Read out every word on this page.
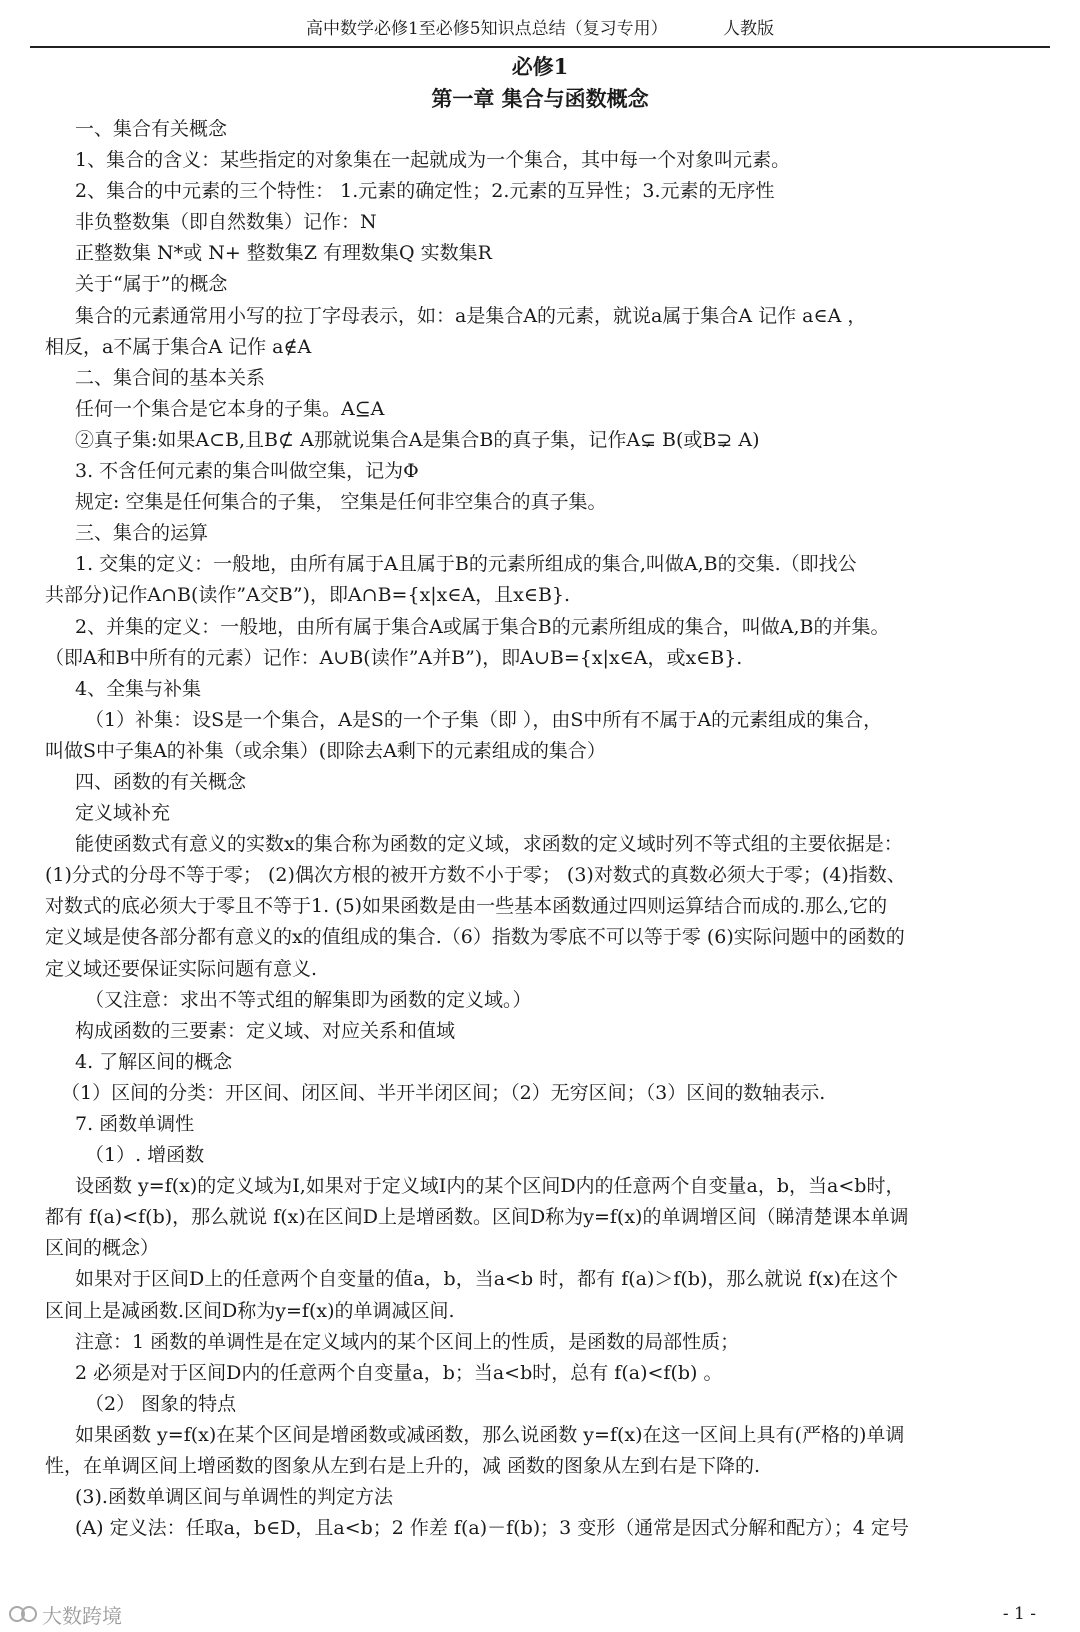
高中数学必修1至必修5知识点总结（复习专用）	人教版
必修1
第一章 集合与函数概念

一、集合有关概念

1、集合的含义：某些指定的对象集在一起就成为一个集合，其中每一个对象叫元素。

2、集合的中元素的三个特性： 1.元素的确定性；2.元素的互异性；3.元素的无序性

非负整数集（即自然数集）记作：N

正整数集 N*或 N+ 整数集Z 有理数集Q 实数集R

关于“属于”的概念

集合的元素通常用小写的拉丁字母表示，如：a是集合A的元素，就说a属于集合A 记作 a∈A ，

相反，a不属于集合A 记作 a∉A

二、集合间的基本关系

任何一个集合是它本身的子集。A⊆A

②真子集:如果A⊂B,且B⊄ A那就说集合A是集合B的真子集，记作A⊊ B(或B⊋ A)

3. 不含任何元素的集合叫做空集，记为Φ

规定: 空集是任何集合的子集， 空集是任何非空集合的真子集。

三、集合的运算

1. 交集的定义：一般地，由所有属于A且属于B的元素所组成的集合,叫做A,B的交集.（即找公

共部分)记作A∩B(读作”A交B”)，即A∩B={x|x∈A，且x∈B}.

2、并集的定义：一般地，由所有属于集合A或属于集合B的元素所组成的集合，叫做A,B的并集。

（即A和B中所有的元素）记作：A∪B(读作”A并B”)，即A∪B={x|x∈A，或x∈B}.

4、全集与补集

（1）补集：设S是一个集合，A是S的一个子集（即 ），由S中所有不属于A的元素组成的集合，

叫做S中子集A的补集（或余集）(即除去A剩下的元素组成的集合）

四、函数的有关概念

定义域补充

能使函数式有意义的实数x的集合称为函数的定义域，求函数的定义域时列不等式组的主要依据是：

(1)分式的分母不等于零； (2)偶次方根的被开方数不小于零； (3)对数式的真数必须大于零；(4)指数、

对数式的底必须大于零且不等于1. (5)如果函数是由一些基本函数通过四则运算结合而成的.那么,它的

定义域是使各部分都有意义的x的值组成的集合.（6）指数为零底不可以等于零 (6)实际问题中的函数的

定义域还要保证实际问题有意义.

（又注意：求出不等式组的解集即为函数的定义域。）

构成函数的三要素：定义域、对应关系和值域

4. 了解区间的概念

（1）区间的分类：开区间、闭区间、半开半闭区间；（2）无穷区间；（3）区间的数轴表示.

7. 函数单调性

（1）. 增函数

设函数 y=f(x)的定义域为I,如果对于定义域I内的某个区间D内的任意两个自变量a，b，当a<b时，

都有 f(a)<f(b)，那么就说 f(x)在区间D上是增函数。区间D称为y=f(x)的单调增区间（睇清楚课本单调

区间的概念）

如果对于区间D上的任意两个自变量的值a，b，当a<b 时，都有 f(a)＞f(b)，那么就说 f(x)在这个

区间上是减函数.区间D称为y=f(x)的单调减区间.

注意：1 函数的单调性是在定义域内的某个区间上的性质，是函数的局部性质；

2 必须是对于区间D内的任意两个自变量a，b；当a<b时，总有 f(a)<f(b) 。

（2） 图象的特点

如果函数 y=f(x)在某个区间是增函数或减函数，那么说函数 y=f(x)在这一区间上具有(严格的)单调

性，在单调区间上增函数的图象从左到右是上升的，减 函数的图象从左到右是下降的.

(3).函数单调区间与单调性的判定方法

(A) 定义法：任取a，b∈D，且a<b；2 作差 f(a)－f(b)；3 变形（通常是因式分解和配方）；4 定号

大数跨境	- 1 -
